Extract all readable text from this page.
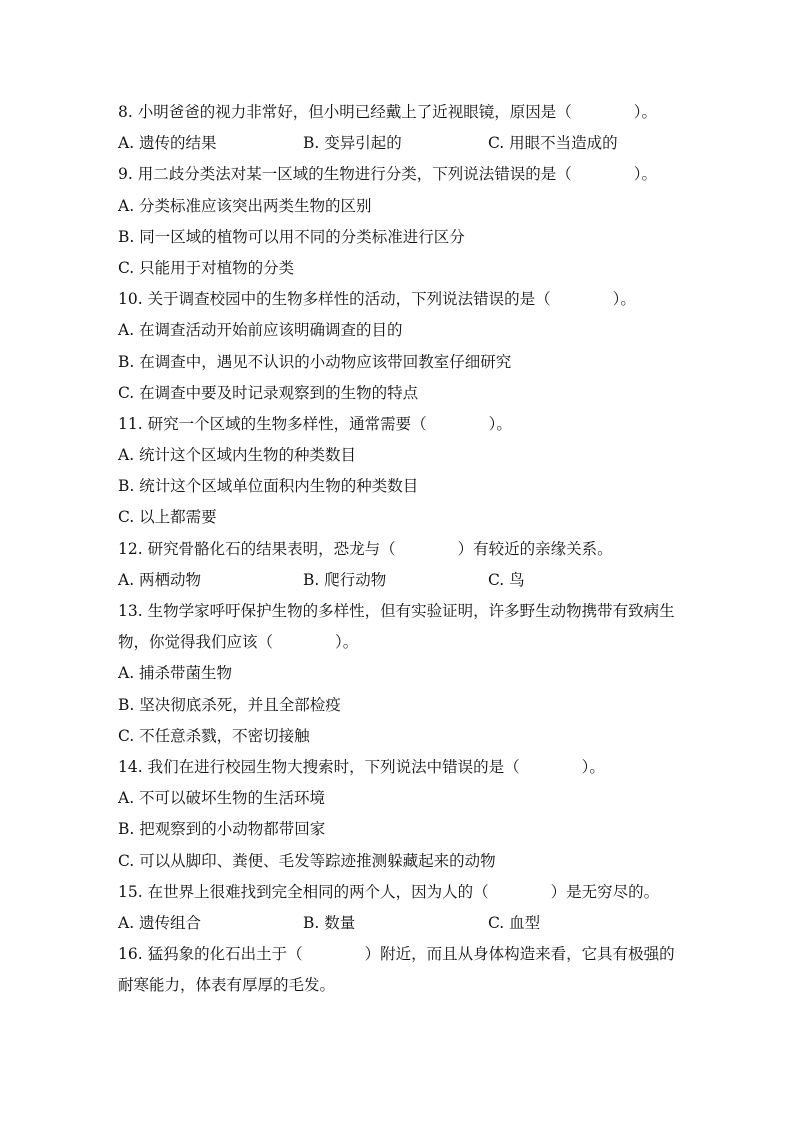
8. 小明爸爸的视力非常好，但小明已经戴上了近视眼镜，原因是（　　　　）。
A. 遗传的结果	B. 变异引起的	C. 用眼不当造成的
9. 用二歧分类法对某一区域的生物进行分类，下列说法错误的是（　　　　）。
A. 分类标准应该突出两类生物的区别
B. 同一区域的植物可以用不同的分类标准进行区分
C. 只能用于对植物的分类
10. 关于调查校园中的生物多样性的活动，下列说法错误的是（　　　　）。
A. 在调查活动开始前应该明确调查的目的
B. 在调查中，遇见不认识的小动物应该带回教室仔细研究
C. 在调查中要及时记录观察到的生物的特点
11. 研究一个区域的生物多样性，通常需要（　　　　）。
A. 统计这个区域内生物的种类数目
B. 统计这个区域单位面积内生物的种类数目
C. 以上都需要
12. 研究骨骼化石的结果表明，恐龙与（　　　　）有较近的亲缘关系。
A. 两栖动物	B. 爬行动物	C. 鸟
13. 生物学家呼吁保护生物的多样性，但有实验证明，许多野生动物携带有致病生物，你觉得我们应该（　　　　）。
A. 捕杀带菌生物
B. 坚决彻底杀死，并且全部检疫
C. 不任意杀戮，不密切接触
14. 我们在进行校园生物大搜索时，下列说法中错误的是（　　　　）。
A. 不可以破坏生物的生活环境
B. 把观察到的小动物都带回家
C. 可以从脚印、粪便、毛发等踪迹推测躲藏起来的动物
15. 在世界上很难找到完全相同的两个人，因为人的（　　　　）是无穷尽的。
A. 遗传组合	B. 数量	C. 血型
16. 猛犸象的化石出土于（　　　　）附近，而且从身体构造来看，它具有极强的耐寒能力，体表有厚厚的毛发。
